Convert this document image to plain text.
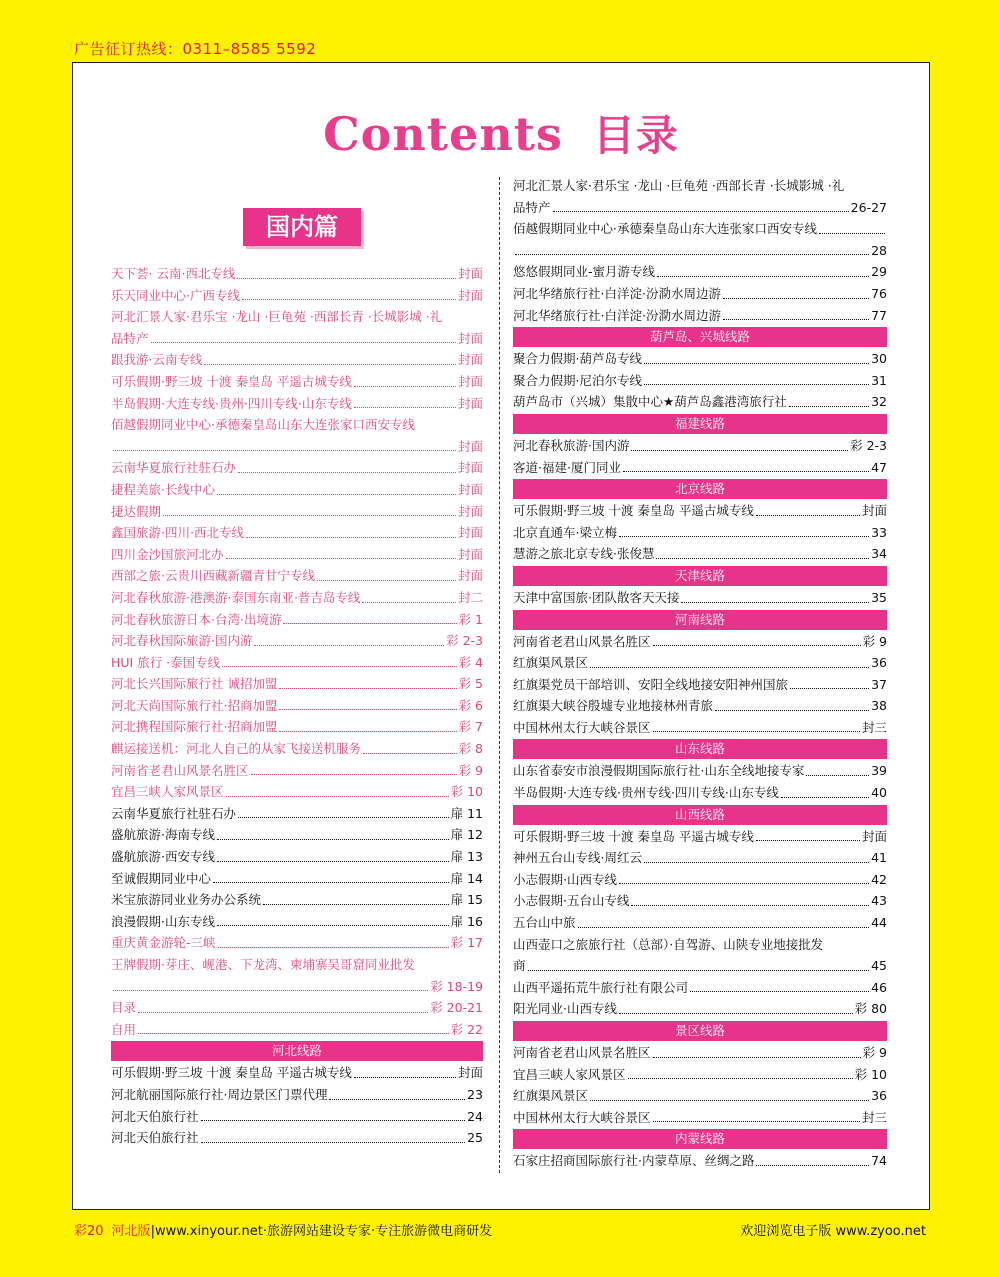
广告征订热线：0311–8585 5592
Contents 目录
国内篇
天下荟· 云南·西北专线	封面
乐天同业中心·广西专线	封面
河北汇景人家·君乐宝 ·龙山 ·巨龟苑 ·西部长青 ·长城影城 ·礼
品特产	封面
跟我游·云南专线	封面
可乐假期·野三坡 十渡 秦皇岛 平遥古城专线	封面
半岛假期·大连专线·贵州·四川专线·山东专线	封面
佰越假期同业中心·承德秦皇岛山东大连张家口西安专线
封面
云南华夏旅行社驻石办	封面
捷程美旅·长线中心	封面
捷达假期	封面
鑫国旅游·四川·西北专线	封面
四川金沙国旅河北办	封面
西部之旅·云贵川西藏新疆青甘宁专线	封面
河北春秋旅游·港澳游·泰国东南亚·普吉岛专线	封二
河北春秋旅游日本·台湾·出境游	彩 1
河北春秋国际旅游·国内游	彩 2-3
HUI 旅行 ·泰国专线	彩 4
河北长兴国际旅行社 诚招加盟	彩 5
河北天尚国际旅行社·招商加盟	彩 6
河北携程国际旅行社·招商加盟	彩 7
麒运接送机：河北人自己的从家飞接送机服务	彩 8
河南省老君山风景名胜区	彩 9
宜昌三峡人家风景区	彩 10
云南华夏旅行社驻石办	扉 11
盛航旅游·海南专线	扉 12
盛航旅游·西安专线	扉 13
至诚假期同业中心	扉 14
米宝旅游同业业务办公系统	扉 15
浪漫假期·山东专线	扉 16
重庆黄金游轮-三峡	彩 17
王牌假期·芽庄、岘港、下龙湾、柬埔寨吴哥窟同业批发
彩 18-19
目录	彩 20-21
自用	彩 22
河北线路
可乐假期·野三坡 十渡 秦皇岛 平遥古城专线	封面
河北航丽国际旅行社·周边景区门票代理	23
河北天伯旅行社	24
河北天伯旅行社	25
河北汇景人家·君乐宝 ·龙山 ·巨龟苑 ·西部长青 ·长城影城 ·礼
品特产	26-27
佰越假期同业中心·承德秦皇岛山东大连张家口西安专线
28
悠悠假期同业-蜜月游专线	29
河北华绪旅行社·白洋淀·汾泐水周边游	76
河北华绪旅行社·白洋淀·汾泐水周边游	77
葫芦岛、兴城线路
聚合力假期·葫芦岛专线	30
聚合力假期·尼泊尔专线	31
葫芦岛市（兴城）集散中心★葫芦岛鑫港湾旅行社	32
福建线路
河北春秋旅游·国内游	彩 2-3
客道·福建·厦门同业	47
北京线路
可乐假期·野三坡 十渡 秦皇岛 平遥古城专线	封面
北京直通车·梁立梅	33
慧游之旅北京专线·张俊慧	34
天津线路
天津中富国旅·团队散客天天接	35
河南线路
河南省老君山风景名胜区	彩 9
红旗渠风景区	36
红旗渠党员干部培训、安阳全线地接安阳神州国旅	37
红旗渠大峡谷殷墟专业地接林州青旅	38
中国林州太行大峡谷景区	封三
山东线路
山东省泰安市浪漫假期国际旅行社·山东全线地接专家	39
半岛假期·大连专线·贵州专线·四川专线·山东专线	40
山西线路
可乐假期·野三坡 十渡 秦皇岛 平遥古城专线	封面
神州五台山专线·周红云	41
小志假期·山西专线	42
小志假期·五台山专线	43
五台山中旅	44
山西壶口之旅旅行社（总部）·自驾游、山陕专业地接批发
商	45
山西平遥拓荒牛旅行社有限公司	46
阳光同业·山西专线	彩 80
景区线路
河南省老君山风景名胜区	彩 9
宜昌三峡人家风景区	彩 10
红旗渠风景区	36
中国林州太行大峡谷景区	封三
内蒙线路
石家庄招商国际旅行社·内蒙草原、丝绸之路	74
彩20 河北版|www.xinyour.net·旅游网站建设专家·专注旅游微电商研发	欢迎浏览电子版 www.zyoo.net
